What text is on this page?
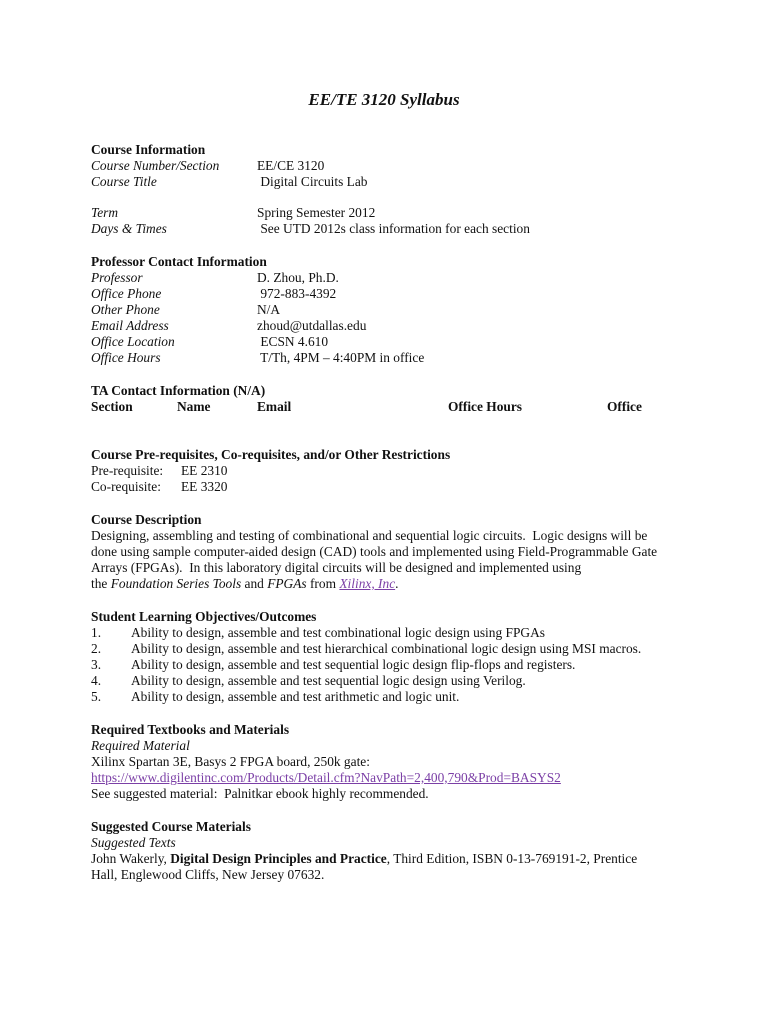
EE/TE 3120 Syllabus
Course Information
Course Number/Section	EE/CE 3120
Course Title	Digital Circuits Lab
Term	Spring Semester 2012
Days & Times	See UTD 2012s class information for each section
Professor Contact Information
Professor	D. Zhou, Ph.D.
Office Phone	972-883-4392
Other Phone	N/A
Email Address	zhoud@utdallas.edu
Office Location	ECSN 4.610
Office Hours	T/Th, 4PM – 4:40PM in office
TA Contact Information (N/A)
Section	Name	Email	Office Hours	Office
Course Pre-requisites, Co-requisites, and/or Other Restrictions
Pre-requisite:	EE 2310
Co-requisite:	EE 3320
Course Description
Designing, assembling and testing of combinational and sequential logic circuits.  Logic designs will be
done using sample computer-aided design (CAD) tools and implemented using Field-Programmable Gate
Arrays (FPGAs).  In this laboratory digital circuits will be designed and implemented using
the Foundation Series Tools and FPGAs from Xilinx, Inc.
Student Learning Objectives/Outcomes
1.	Ability to design, assemble and test combinational logic design using FPGAs
2.	Ability to design, assemble and test hierarchical combinational logic design using MSI macros.
3.	Ability to design, assemble and test sequential logic design flip-flops and registers.
4.	Ability to design, assemble and test sequential logic design using Verilog.
5.	Ability to design, assemble and test arithmetic and logic unit.
Required Textbooks and Materials
Required Material
Xilinx Spartan 3E, Basys 2 FPGA board, 250k gate:
https://www.digilentinc.com/Products/Detail.cfm?NavPath=2,400,790&Prod=BASYS2
See suggested material:  Palnitkar ebook highly recommended.
Suggested Course Materials
Suggested Texts
John Wakerly, Digital Design Principles and Practice, Third Edition, ISBN 0-13-769191-2, Prentice
Hall, Englewood Cliffs, New Jersey 07632.
